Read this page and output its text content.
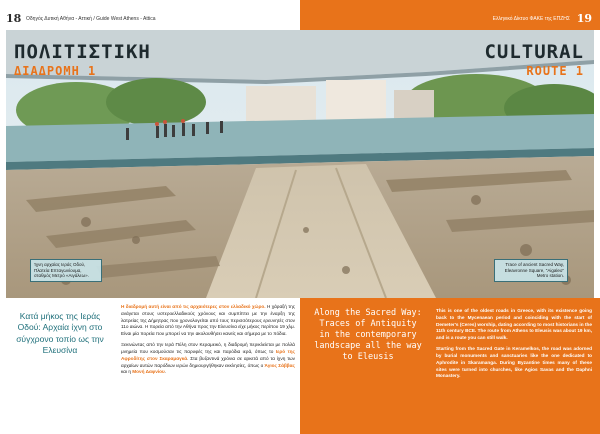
18 Οδηγός Δυτική Αθήνα - Αττική / Guide West Athens - Attica	Ελληνικό Δίκτυο ΦΑΚΕ της ΕΠΖΗΣ 19
ΠΟΛΙΤΙΣΤΙΚΗ
ΔΙΑΔΡΟΜΗ 1
CULTURAL
ROUTE 1
Ίχνη αρχαίας Ιεράς Οδού, Πλατεία Επταγωνίουμα, σταθμός Μετρό «Αιγάλεω».
Trace of ancient Sacred Way, Eleavronne Square, "Aigaleo" Metro station.
Κατά μήκος της Ιεράς Οδού: Αρχαία ίχνη στο σύγχρονο τοπίο ως την Ελευσίνα

Η διαδρομή αυτή είναι από τις αρχαιότερες στον ελλαδικό χώρο. Η χάραξή της ανάγεται στους υστεροελλαδικούς χρόνους και συμπίπτει με την έναρξη της λατρείας της Δήμητρας που χρονολογείται από τους περισσότερους ερευνητές στον 11ο αιώνα. Η πορεία από την Αθήνα προς την Ελευσίνα είχε μήκος περίπου 19 χλμ. Είναι μία πορεία που μπορεί να την ακολουθήσει κανείς και σήμερα με το πόδια.

Ξεκινώντας από την Ιερά Πύλη στον Κεραμεικό, η διαδρομή περικλείεται με πολλά μνημεία που κοσμούσαν τις παρυφές της και παρόδια ιερά, όπως το Ιερό της Αφροδίτης στον Σκαραμαγκά. Στα βυζαντινά χρόνια σε αρκετά από τα ίχνη των αρχαίων αυτών παρόδιων ιερών δημιουργήθηκαν εκκλησίες, όπως ο Άγιος Σάββας και η Μονή Δαφνίου.

Along the Sacred Way: Traces of Antiquity in the contemporary landscape all the way to Eleusis

This is one of the oldest roads in Greece, with its existence going back to the Mycenaean period and coinciding with the start of Demeter's (Ceres) worship, dating according to most historians in the 11th century BCE. The route from Athens to Eleusis was about 19 km, and is a route you can still walk.

Starting from the Sacred Gate in Keramelkos, the road was adorned by burial monuments and sanctuaries like the one dedicated to Aphrodite in Skaramanga. During Byzantine times many of these sites were turned into churches, like Agios Savas and the Daphni Monastery.
